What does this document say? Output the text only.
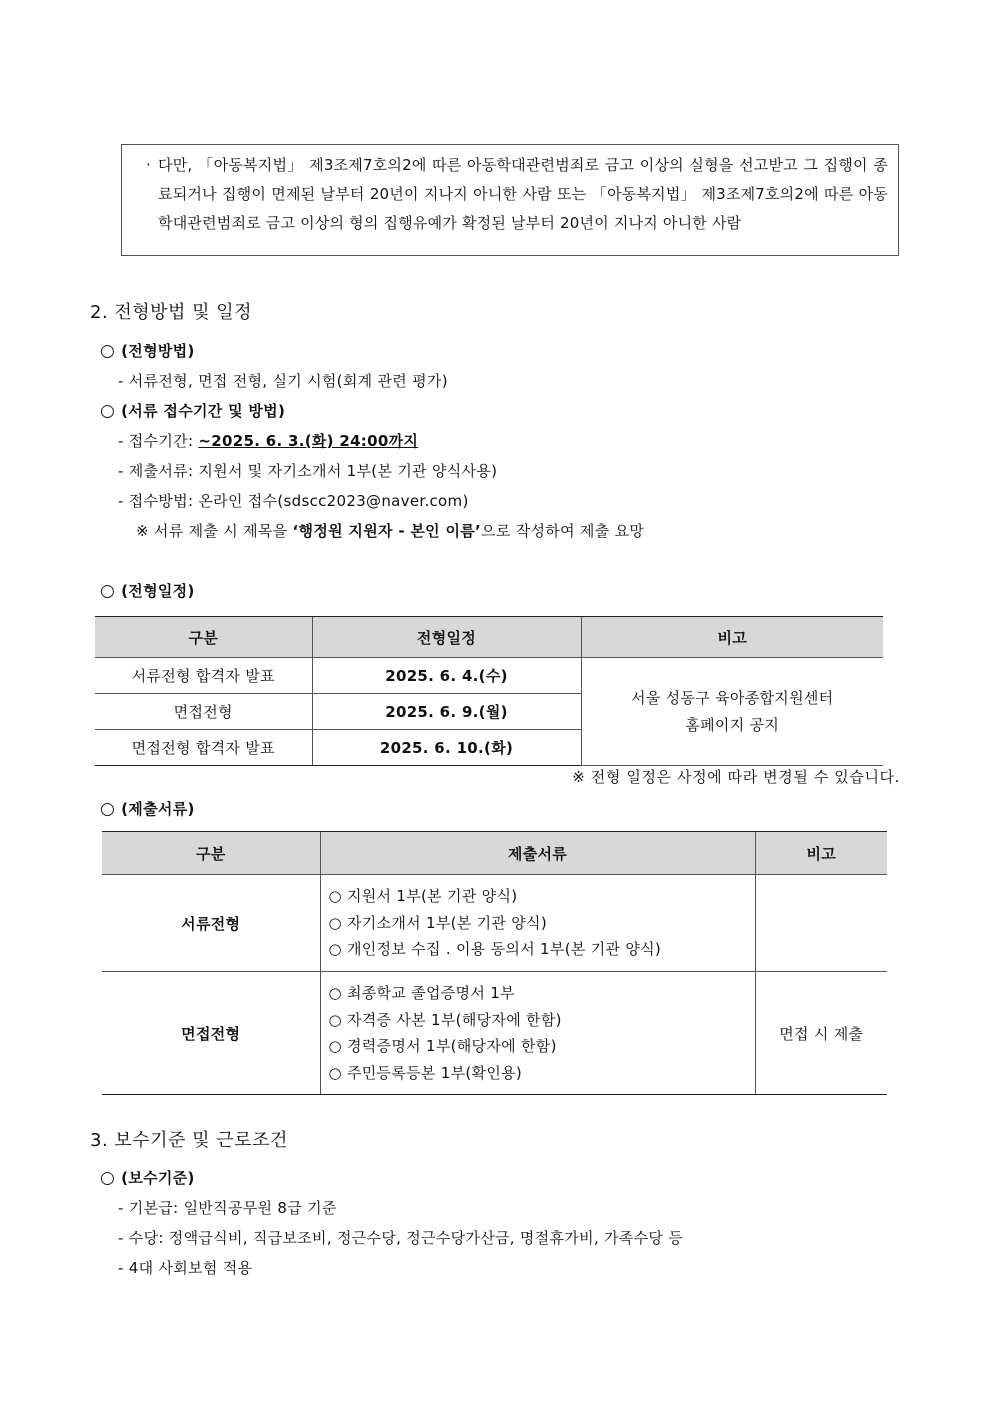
· 다만, 「아동복지법」 제3조제7호의2에 따른 아동학대관련범죄로 금고 이상의 실형을 선고받고 그 집행이 종료되거나 집행이 면제된 날부터 20년이 지나지 아니한 사람 또는 「아동복지법」 제3조제7호의2에 따른 아동학대관련범죄로 금고 이상의 형의 집행유예가 확정된 날부터 20년이 지나지 아니한 사람
2. 전형방법 및 일정
○ (전형방법)
- 서류전형, 면접 전형, 실기 시험(회계 관련 평가)
○ (서류 접수기간 및 방법)
- 접수기간: ~2025. 6. 3.(화) 24:00까지
- 제출서류: 지원서 및 자기소개서 1부(본 기관 양식사용)
- 접수방법: 온라인 접수(sdscc2023@naver.com)
※ 서류 제출 시 제목을 ‘행정원 지원자 - 본인 이름’으로 작성하여 제출 요망
○ (전형일정)
구분	전형일정	비고
서류전형 합격자 발표	2025. 6. 4.(수)	서울 성동구 육아종합지원센터
홈페이지 공지

면접전형	2025. 6. 9.(월)	
면접전형 합격자 발표	2025. 6. 10.(화)	
※ 전형 일정은 사정에 따라 변경될 수 있습니다.
○ (제출서류)
구분	제출서류	비고
서류전형	○ 지원서 1부(본 기관 양식)
○ 자기소개서 1부(본 기관 양식)
○ 개인정보 수집 . 이용 동의서 1부(본 기관 양식)	

면접전형	○ 최종학교 졸업증명서 1부
○ 자격증 사본 1부(해당자에 한함)
○ 경력증명서 1부(해당자에 한함)
○ 주민등록등본 1부(확인용)	면접 시 제출
3. 보수기준 및 근로조건
○ (보수기준)
- 기본급: 일반직공무원 8급 기준
- 수당: 정액급식비, 직급보조비, 정근수당, 정근수당가산금, 명절휴가비, 가족수당 등
- 4대 사회보험 적용
